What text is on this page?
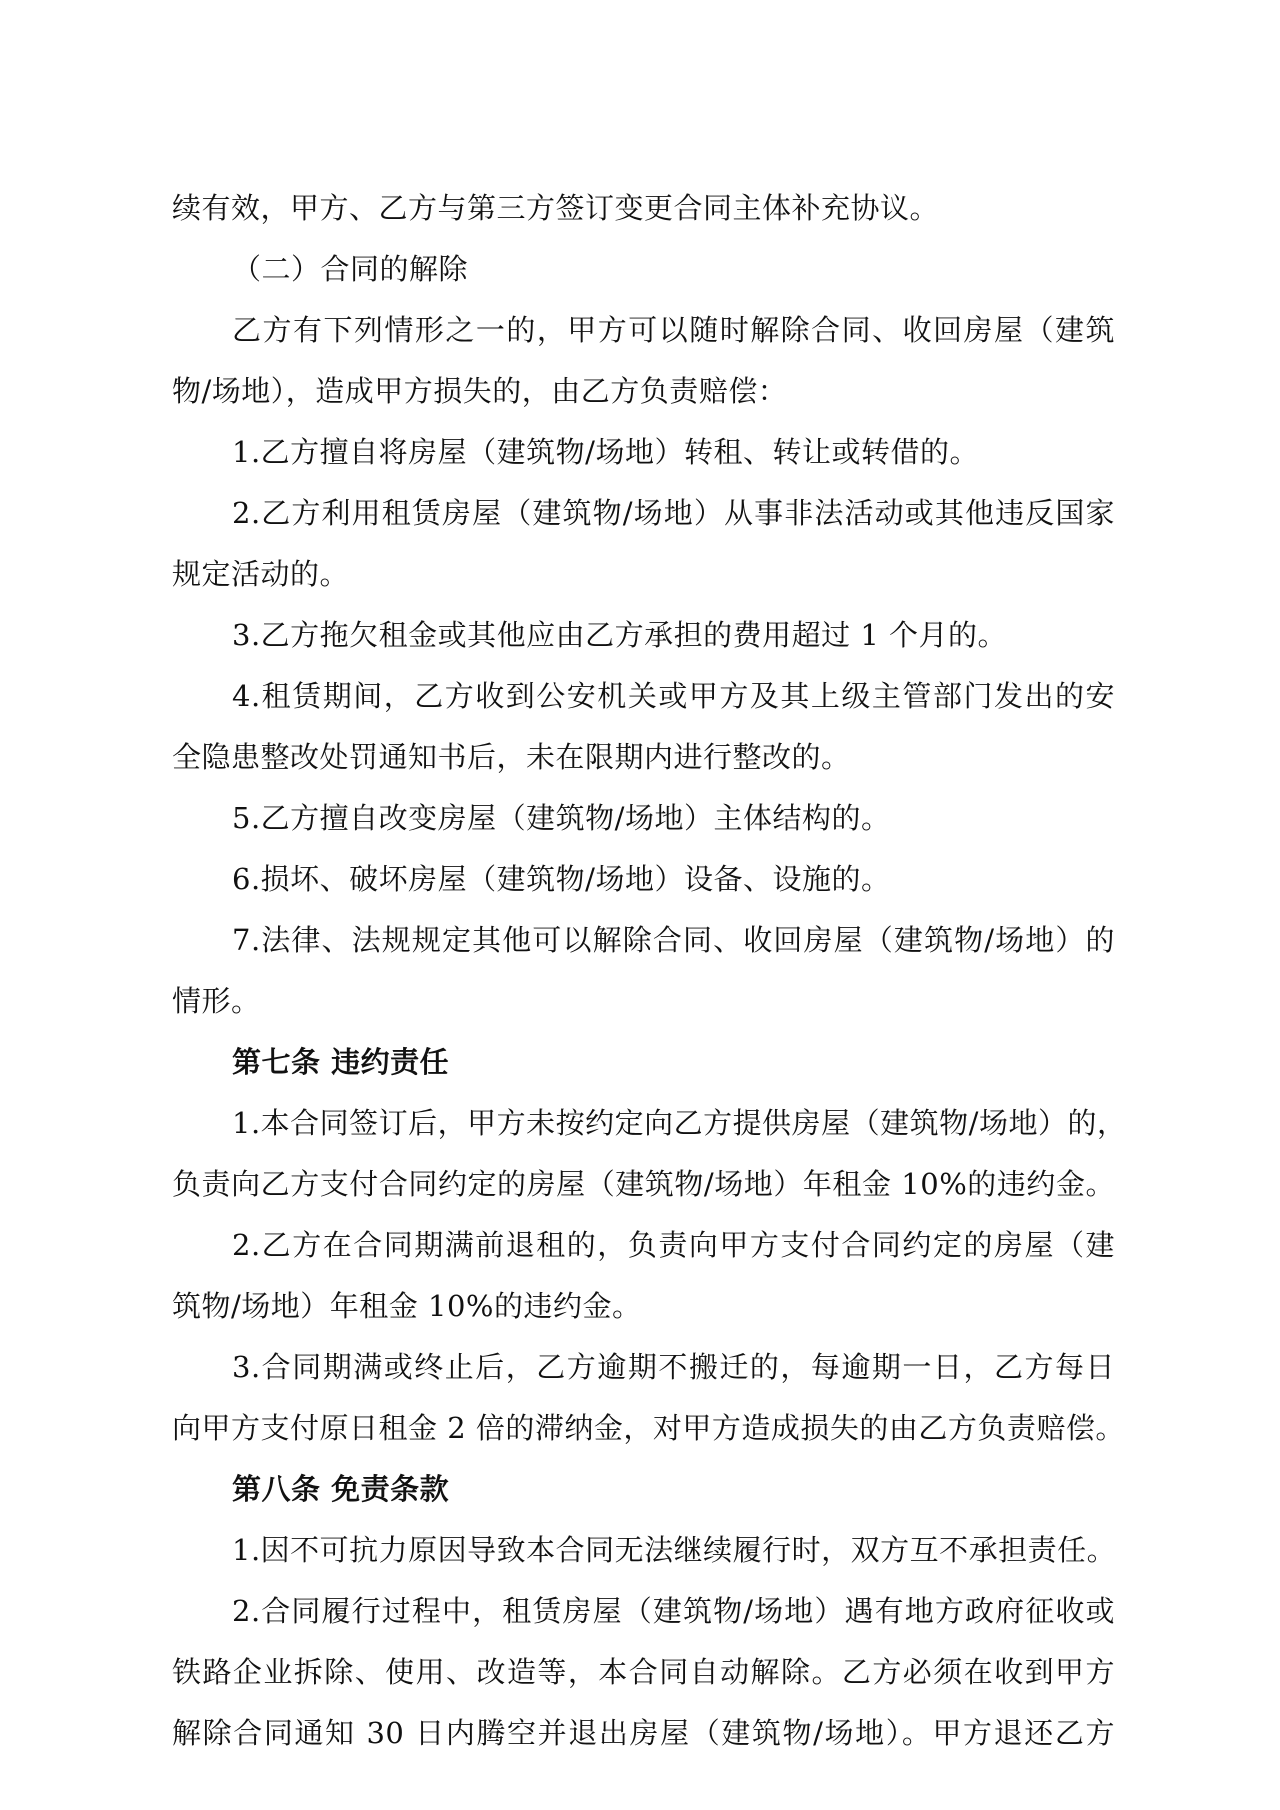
续有效，甲方、乙方与第三方签订变更合同主体补充协议。
（二）合同的解除
乙方有下列情形之一的，甲方可以随时解除合同、收回房屋（建筑
物/场地），造成甲方损失的，由乙方负责赔偿：
1.乙方擅自将房屋（建筑物/场地）转租、转让或转借的。
2.乙方利用租赁房屋（建筑物/场地）从事非法活动或其他违反国家
规定活动的。
3.乙方拖欠租金或其他应由乙方承担的费用超过 1 个月的。
4.租赁期间，乙方收到公安机关或甲方及其上级主管部门发出的安
全隐患整改处罚通知书后，未在限期内进行整改的。
5.乙方擅自改变房屋（建筑物/场地）主体结构的。
6.损坏、破坏房屋（建筑物/场地）设备、设施的。
7.法律、法规规定其他可以解除合同、收回房屋（建筑物/场地）的
情形。
第七条 违约责任
1.本合同签订后，甲方未按约定向乙方提供房屋（建筑物/场地）的，
负责向乙方支付合同约定的房屋（建筑物/场地）年租金 10%的违约金。
2.乙方在合同期满前退租的，负责向甲方支付合同约定的房屋（建
筑物/场地）年租金 10%的违约金。
3.合同期满或终止后，乙方逾期不搬迁的，每逾期一日，乙方每日
向甲方支付原日租金 2 倍的滞纳金，对甲方造成损失的由乙方负责赔偿。
第八条 免责条款
1.因不可抗力原因导致本合同无法继续履行时，双方互不承担责任。
2.合同履行过程中，租赁房屋（建筑物/场地）遇有地方政府征收或
铁路企业拆除、使用、改造等，本合同自动解除。乙方必须在收到甲方
解除合同通知 30 日内腾空并退出房屋（建筑物/场地）。甲方退还乙方
